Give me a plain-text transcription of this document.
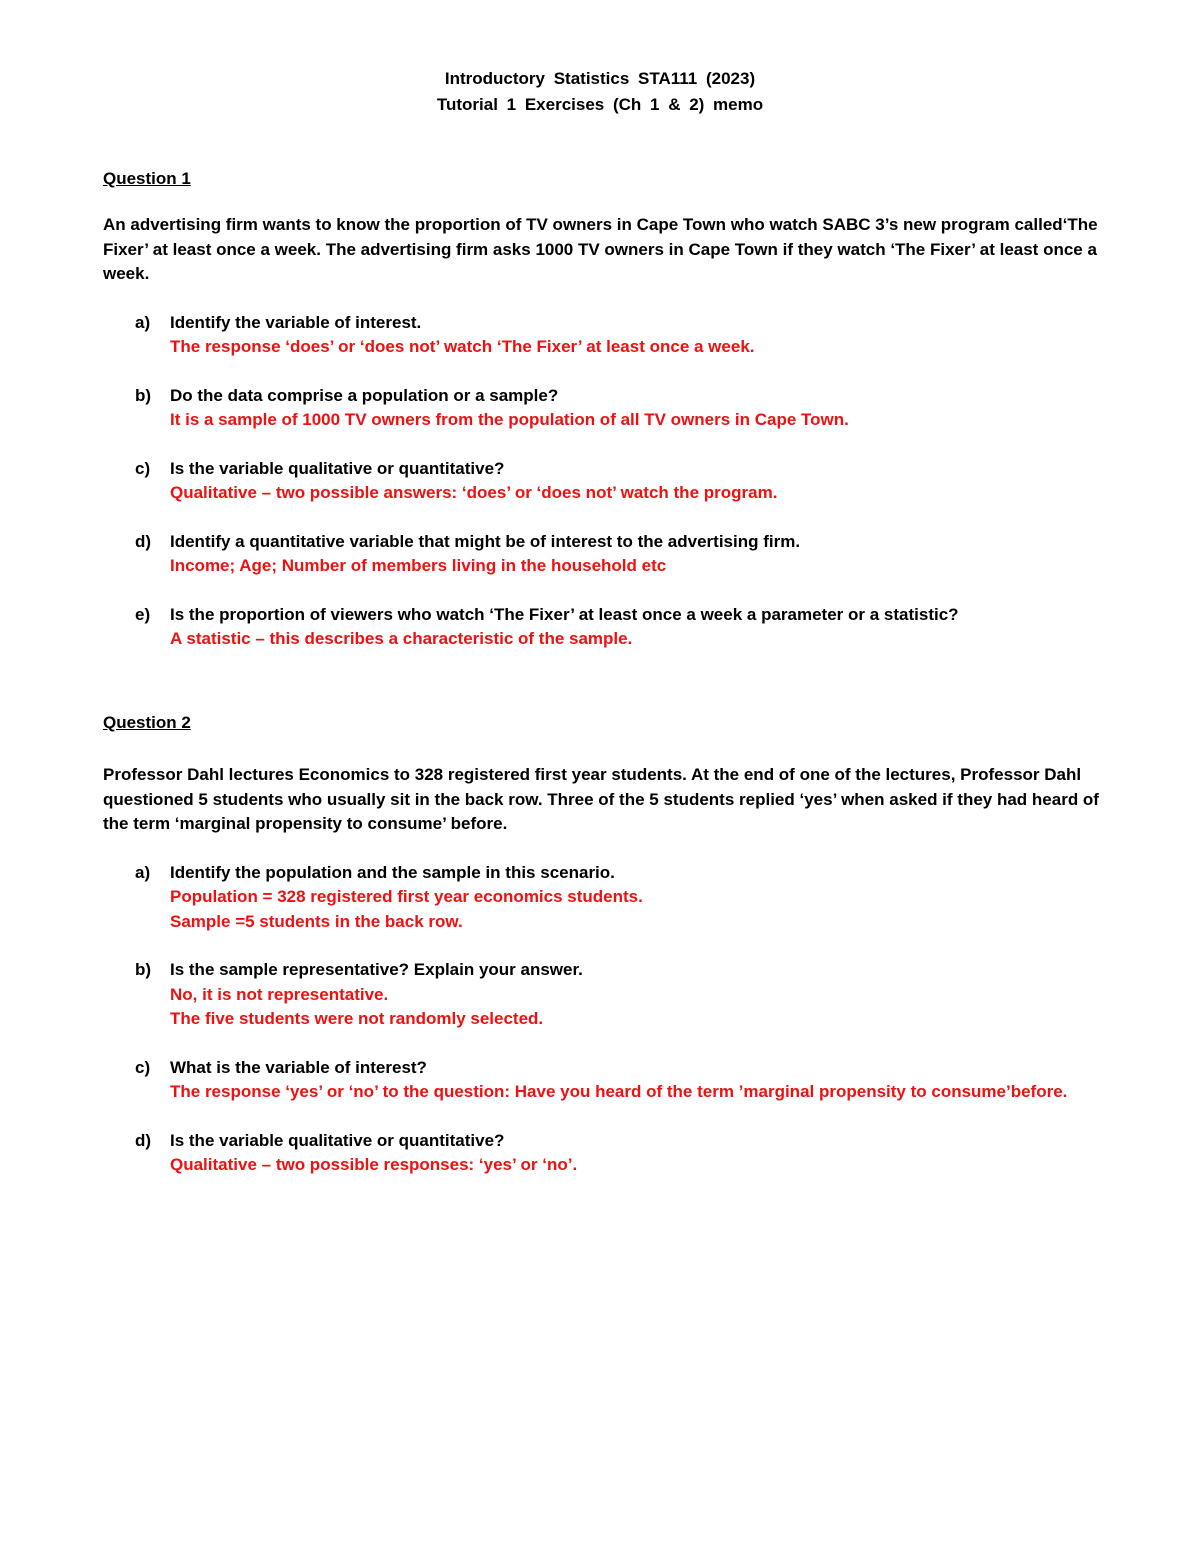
Introductory Statistics STA111 (2023)
Tutorial 1 Exercises (Ch 1 & 2) memo

Question 1

An advertising firm wants to know the proportion of TV owners in Cape Town who watch SABC 3’s new program called‘The Fixer’ at least once a week. The advertising firm asks 1000 TV owners in Cape Town if they watch ‘The Fixer’ at least once a week.

a)	Identify the variable of interest.
The response ‘does’ or ‘does not’ watch ‘The Fixer’ at least once a week.
b)	Do the data comprise a population or a sample?
It is a sample of 1000 TV owners from the population of all TV owners in Cape Town.
c)	Is the variable qualitative or quantitative?
Qualitative – two possible answers: ‘does’ or ‘does not’ watch the program.
d)	Identify a quantitative variable that might be of interest to the advertising firm.
Income; Age; Number of members living in the household etc
e)	Is the proportion of viewers who watch ‘The Fixer’ at least once a week a parameter or a statistic?
A statistic – this describes a characteristic of the sample.

Question 2

Professor Dahl lectures Economics to 328 registered first year students. At the end of one of the lectures, Professor Dahl questioned 5 students who usually sit in the back row. Three of the 5 students replied ‘yes’ when asked if they had heard of the term ‘marginal propensity to consume’ before.

a)	Identify the population and the sample in this scenario.
Population = 328 registered first year economics students.
Sample =5 students in the back row.
b)	Is the sample representative? Explain your answer.
No, it is not representative.
The five students were not randomly selected.
c)	What is the variable of interest?
The response ‘yes’ or ‘no’ to the question: Have you heard of the term ’marginal propensity to consume’before.
d)	Is the variable qualitative or quantitative?
Qualitative – two possible responses: ‘yes’ or ‘no’.
